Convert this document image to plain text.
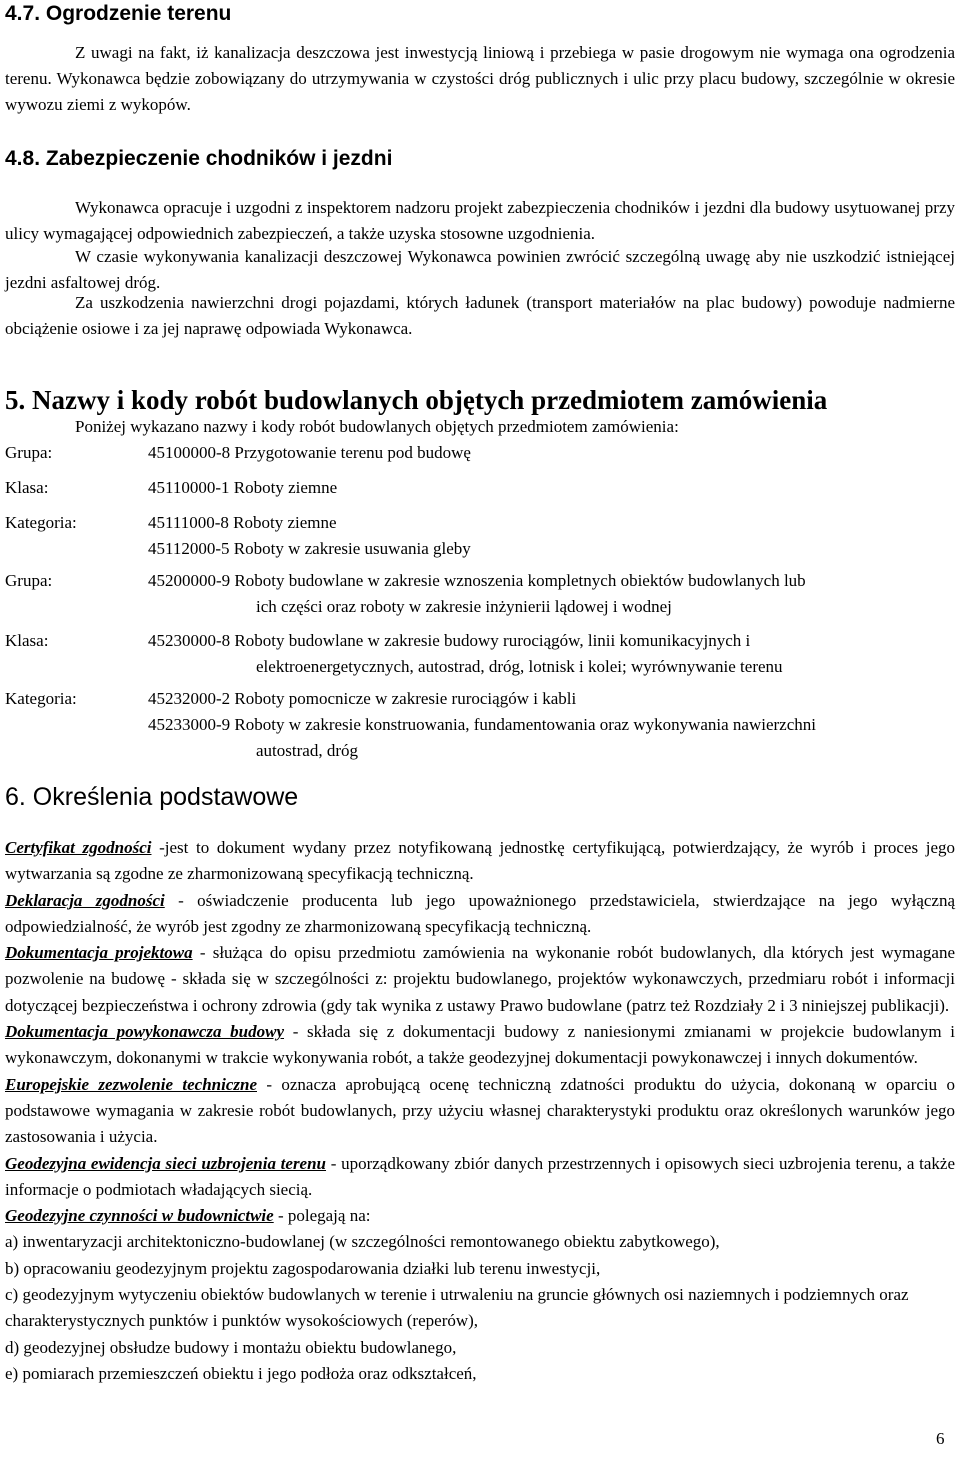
4.7. Ogrodzenie terenu

Z uwagi na fakt, iż kanalizacja deszczowa jest inwestycją liniową i przebiega w pasie drogowym nie wymaga ona ogrodzenia terenu. Wykonawca będzie zobowiązany do utrzymywania w czystości dróg publicznych i ulic przy placu budowy, szczególnie w okresie wywozu ziemi z wykopów.

4.8. Zabezpieczenie chodników i jezdni

Wykonawca opracuje i uzgodni z inspektorem nadzoru projekt zabezpieczenia chodników i jezdni dla budowy usytuowanej przy ulicy wymagającej odpowiednich zabezpieczeń, a także uzyska stosowne uzgodnienia.

W czasie wykonywania kanalizacji deszczowej Wykonawca powinien zwrócić szczególną uwagę aby nie uszkodzić istniejącej jezdni asfaltowej dróg.

Za uszkodzenia nawierzchni drogi pojazdami, których ładunek (transport materiałów na plac budowy) powoduje nadmierne obciążenie osiowe i za jej naprawę odpowiada Wykonawca.

5. Nazwy i kody robót budowlanych objętych przedmiotem zamówienia

Poniżej wykazano nazwy i kody robót budowlanych objętych przedmiotem zamówienia:

Grupa:	45100000-8 Przygotowanie terenu pod budowę
Klasa:	45110000-1 Roboty ziemne
Kategoria:	45111000-8 Roboty ziemne
45112000-5 Roboty w zakresie usuwania gleby
Grupa:	45200000-9 Roboty budowlane w zakresie wznoszenia kompletnych obiektów budowlanych lub
ich części oraz roboty w zakresie inżynierii lądowej i wodnej
Klasa:	45230000-8 Roboty budowlane w zakresie budowy rurociągów, linii komunikacyjnych i
elektroenergetycznych, autostrad, dróg, lotnisk i kolei; wyrównywanie terenu
Kategoria:	45232000-2 Roboty pomocnicze w zakresie rurociągów i kabli
45233000-9 Roboty w zakresie konstruowania, fundamentowania oraz wykonywania nawierzchni
autostrad, dróg
6. Określenia podstawowe

Certyfikat zgodności -jest to dokument wydany przez notyfikowaną jednostkę certyfikującą, potwierdzający, że wyrób i proces jego wytwarzania są zgodne ze zharmonizowaną specyfikacją techniczną.

Deklaracja zgodności - oświadczenie producenta lub jego upoważnionego przedstawiciela, stwierdzające na jego wyłączną odpowiedzialność, że wyrób jest zgodny ze zharmonizowaną specyfikacją techniczną.

Dokumentacja projektowa - służąca do opisu przedmiotu zamówienia na wykonanie robót budowlanych, dla których jest wymagane pozwolenie na budowę - składa się w szczególności z: projektu budowlanego, projektów wykonawczych, przedmiaru robót i informacji dotyczącej bezpieczeństwa i ochrony zdrowia (gdy tak wynika z ustawy Prawo budowlane (patrz też Rozdziały 2 i 3 niniejszej publikacji).

Dokumentacja powykonawcza budowy - składa się z dokumentacji budowy z naniesionymi zmianami w projekcie budowlanym i wykonawczym, dokonanymi w trakcie wykonywania robót, a także geodezyjnej dokumentacji powykonawczej i innych dokumentów.

Europejskie zezwolenie techniczne - oznacza aprobującą ocenę techniczną zdatności produktu do użycia, dokonaną w oparciu o podstawowe wymagania w zakresie robót budowlanych, przy użyciu własnej charakterystyki produktu oraz określonych warunków jego zastosowania i użycia.

Geodezyjna ewidencja sieci uzbrojenia terenu - uporządkowany zbiór danych przestrzennych i opisowych sieci uzbrojenia terenu, a także informacje o podmiotach władających siecią.

Geodezyjne czynności w budownictwie - polegają na:

a) inwentaryzacji architektoniczno-budowlanej (w szczególności remontowanego obiektu zabytkowego),

b) opracowaniu geodezyjnym projektu zagospodarowania działki lub terenu inwestycji,

c) geodezyjnym wytyczeniu obiektów budowlanych w terenie i utrwaleniu na gruncie głównych osi naziemnych i podziemnych oraz charakterystycznych punktów i punktów wysokościowych (reperów),

d) geodezyjnej obsłudze budowy i montażu obiektu budowlanego,

e) pomiarach przemieszczeń obiektu i jego podłoża oraz odkształceń,

6
